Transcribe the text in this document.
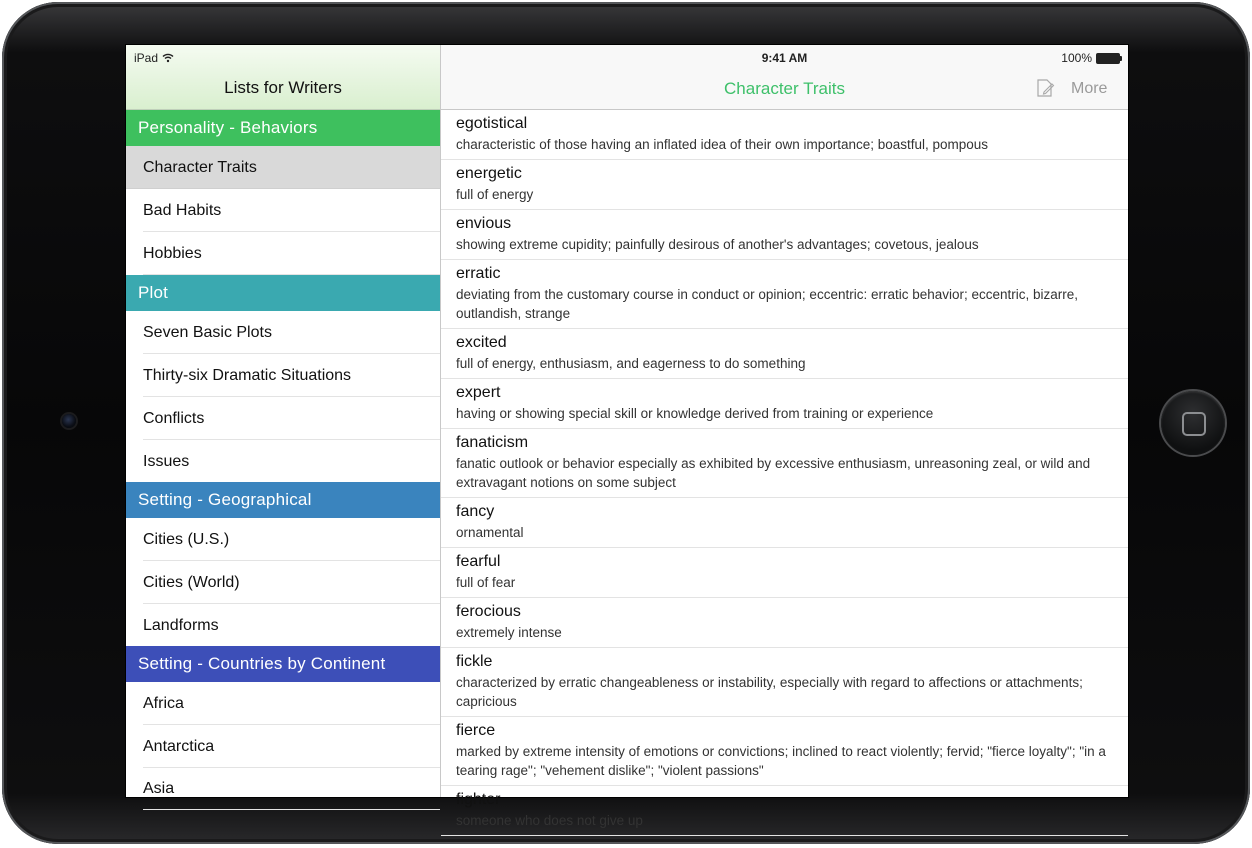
iPad
Lists for Writers
Personality - Behaviors
Character Traits
Bad Habits
Hobbies
Plot
Seven Basic Plots
Thirty-six Dramatic Situations
Conflicts
Issues
Setting - Geographical
Cities (U.S.)
Cities (World)
Landforms
Setting - Countries by Continent
Africa
Antarctica
Asia
egotistical
characteristic of those having an inflated idea of their own importance; boastful, pompous
energetic
full of energy
envious
showing extreme cupidity; painfully desirous of another's advantages; covetous, jealous
erratic
deviating from the customary course in conduct or opinion; eccentric: erratic behavior; eccentric, bizarre, outlandish, strange
excited
full of energy, enthusiasm, and eagerness to do something
expert
having or showing special skill or knowledge derived from training or experience
fanaticism
fanatic outlook or behavior especially as exhibited by excessive enthusiasm, unreasoning zeal, or wild and extravagant notions on some subject
fancy
ornamental
fearful
full of fear
ferocious
extremely intense
fickle
characterized by erratic changeableness or instability, especially with regard to affections or attachments; capricious
fierce
marked by extreme intensity of emotions or convictions; inclined to react violently; fervid; "fierce loyalty"; "in a tearing rage"; "vehement dislike"; "violent passions"
fighter
someone who does not give up
9:41 AM	100%
Character Traits	More
